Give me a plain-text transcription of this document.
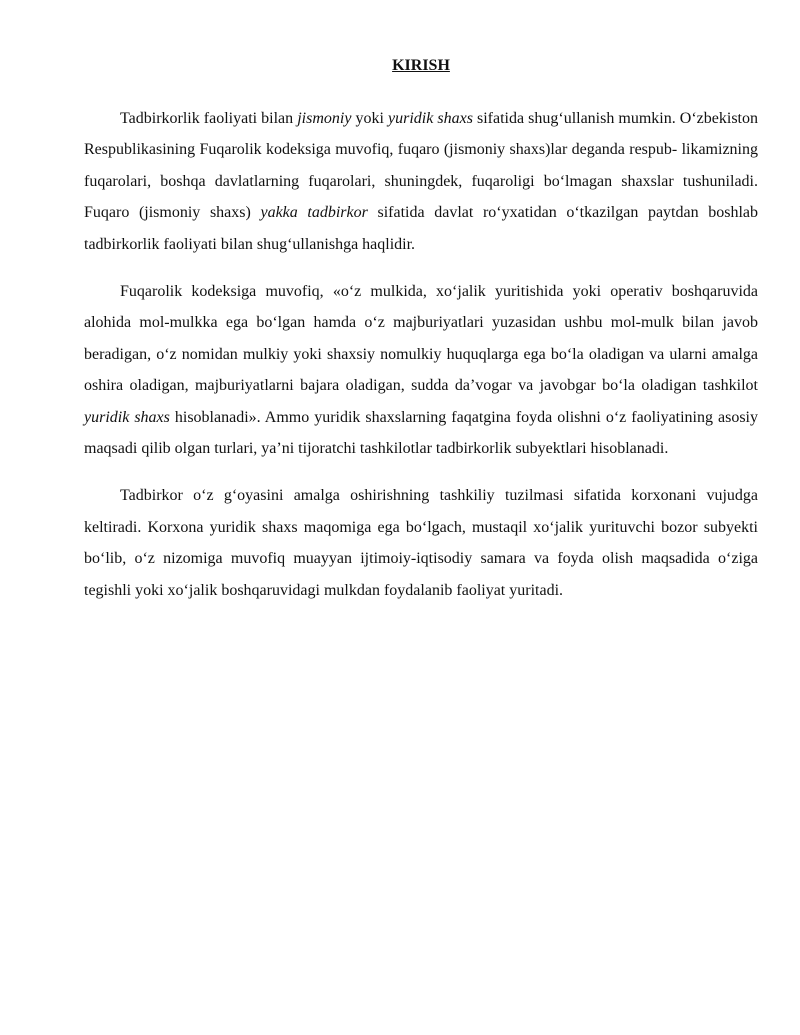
KIRISH

Tadbirkorlik faoliyati bilan jismoniy yoki yuridik shaxs sifatida shug‘ullanish mumkin. O‘zbekiston Respublikasining Fuqarolik kodeksiga muvofiq, fuqaro (jismoniy shaxs)lar deganda respub- likamizning fuqarolari, boshqa davlatlarning fuqarolari, shuningdek, fuqaroligi bo‘lmagan shaxslar tushuniladi. Fuqaro (jismoniy shaxs) yakka tadbirkor sifatida davlat ro‘yxatidan o‘tkazilgan paytdan boshlab tadbirkorlik faoliyati bilan shug‘ullanishga haqlidir.

Fuqarolik kodeksiga muvofiq, «o‘z mulkida, xo‘jalik yuritishida yoki operativ boshqaruvida alohida mol-mulkka ega bo‘lgan hamda o‘z majburiyatlari yuzasidan ushbu mol-mulk bilan javob beradigan, o‘z nomidan mulkiy yoki shaxsiy nomulkiy huquqlarga ega bo‘la oladigan va ularni amalga oshira oladigan, majburiyatlarni bajara oladigan, sudda da’vogar va javobgar bo‘la oladigan tashkilot yuridik shaxs hisoblanadi». Ammo yuridik shaxslarning faqatgina foyda olishni o‘z faoliyatining asosiy maqsadi qilib olgan turlari, ya’ni tijoratchi tashkilotlar tadbirkorlik subyektlari hisoblanadi.

Tadbirkor o‘z g‘oyasini amalga oshirishning tashkiliy tuzilmasi sifatida korxonani vujudga keltiradi. Korxona yuridik shaxs maqomiga ega bo‘lgach, mustaqil xo‘jalik yurituvchi bozor subyekti bo‘lib, o‘z nizomiga muvofiq muayyan ijtimoiy-iqtisodiy samara va foyda olish maqsadida o‘ziga tegishli yoki xo‘jalik boshqaruvidagi mulkdan foydalanib faoliyat yuritadi.
